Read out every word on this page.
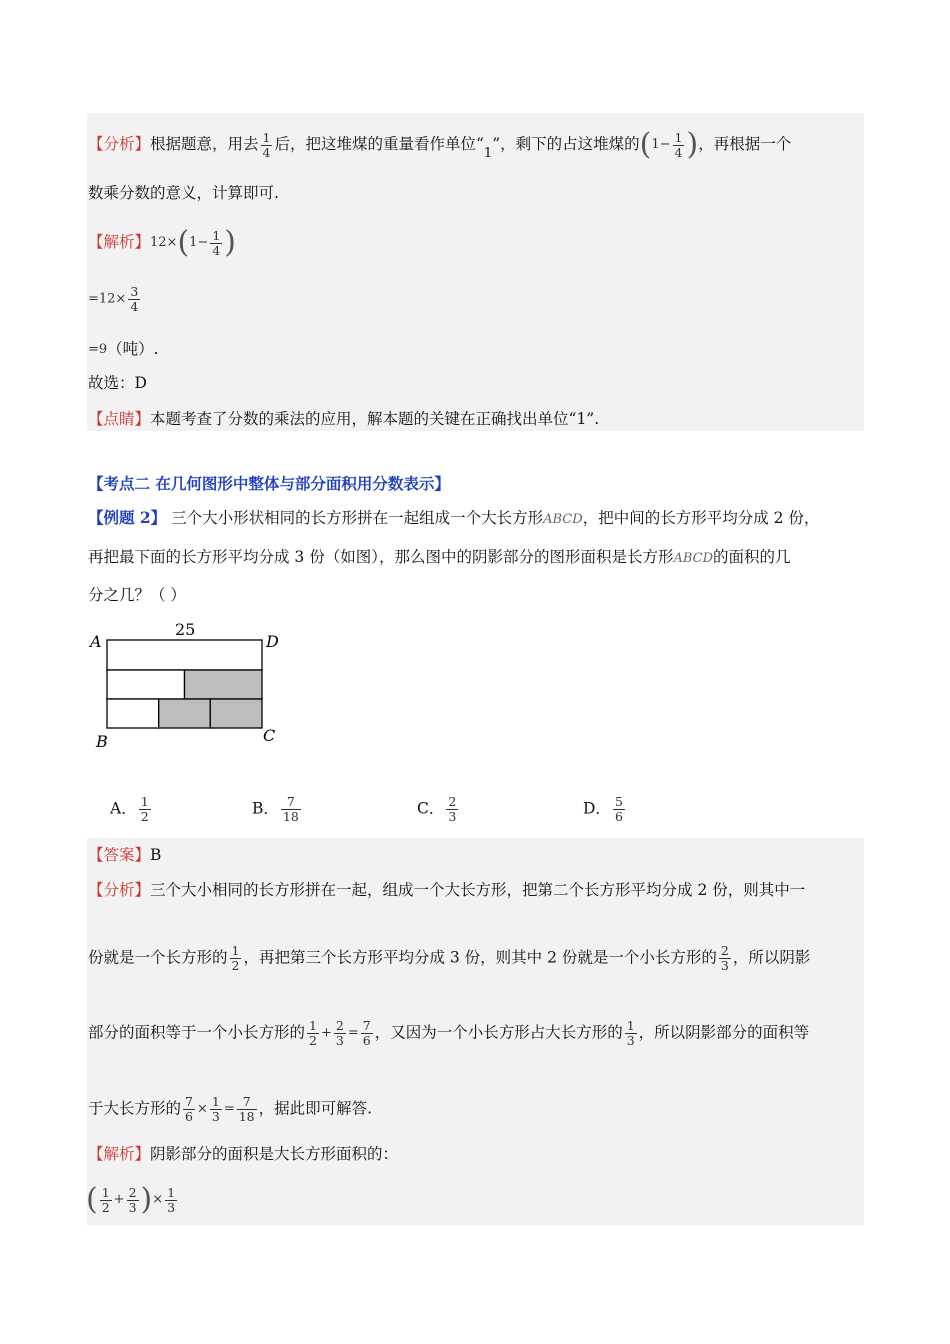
【分析】根据题意，用去 $\frac{1}{4}$ 后，把这堆煤的重量看作单位“$_1$”，剩下的占这堆煤的($1- \frac{1}{4}$ )，再根据一个
数乘分数的意义，计算即可.
【解析】$12\times(1- \frac{1}{4}$ )
$=12\times \frac{3}{4}$
=9（吨）.
故选：D
【点睛】本题考查了分数的乘法的应用，解本题的关键在正确找出单位“1”.
【考点二 在几何图形中整体与部分面积用分数表示】
【例题 2】 三个大小形状相同的长方形拼在一起组成一个大长方形ABCD，把中间的长方形平均分成 2 份，
再把最下面的长方形平均分成 3 份（如图），那么图中的阴影部分的图形面积是长方形ABCD的面积的几
分之几？（ ）
25
A	D
B	C
A． $\frac{1}{2}$	B． $\frac{7}{18}$	C． $\frac{2}{3}$	D． $\frac{5}{6}$
【答案】B
【分析】三个大小相同的长方形拼在一起，组成一个大长方形，把第二个长方形平均分成 2 份，则其中一
份就是一个长方形的 $\frac{1}{2}$ ，再把第三个长方形平均分成 3 份，则其中 2 份就是一个小长方形的 $\frac{2}{3}$ ，所以阴影
部分的面积等于一个小长方形的 $\frac{1}{2} + \frac{2}{3} = \frac{7}{6}$ ，又因为一个小长方形占大长方形的 $\frac{1}{3}$ ，所以阴影部分的面积等
于大长方形的 $\frac{7}{6} \times \frac{1}{3} = \frac{7}{18}$ ，据此即可解答.
【解析】阴影部分的面积是大长方形面积的：
( $\frac{1}{2} + \frac{2}{3}$ )× $\frac{1}{3}$
